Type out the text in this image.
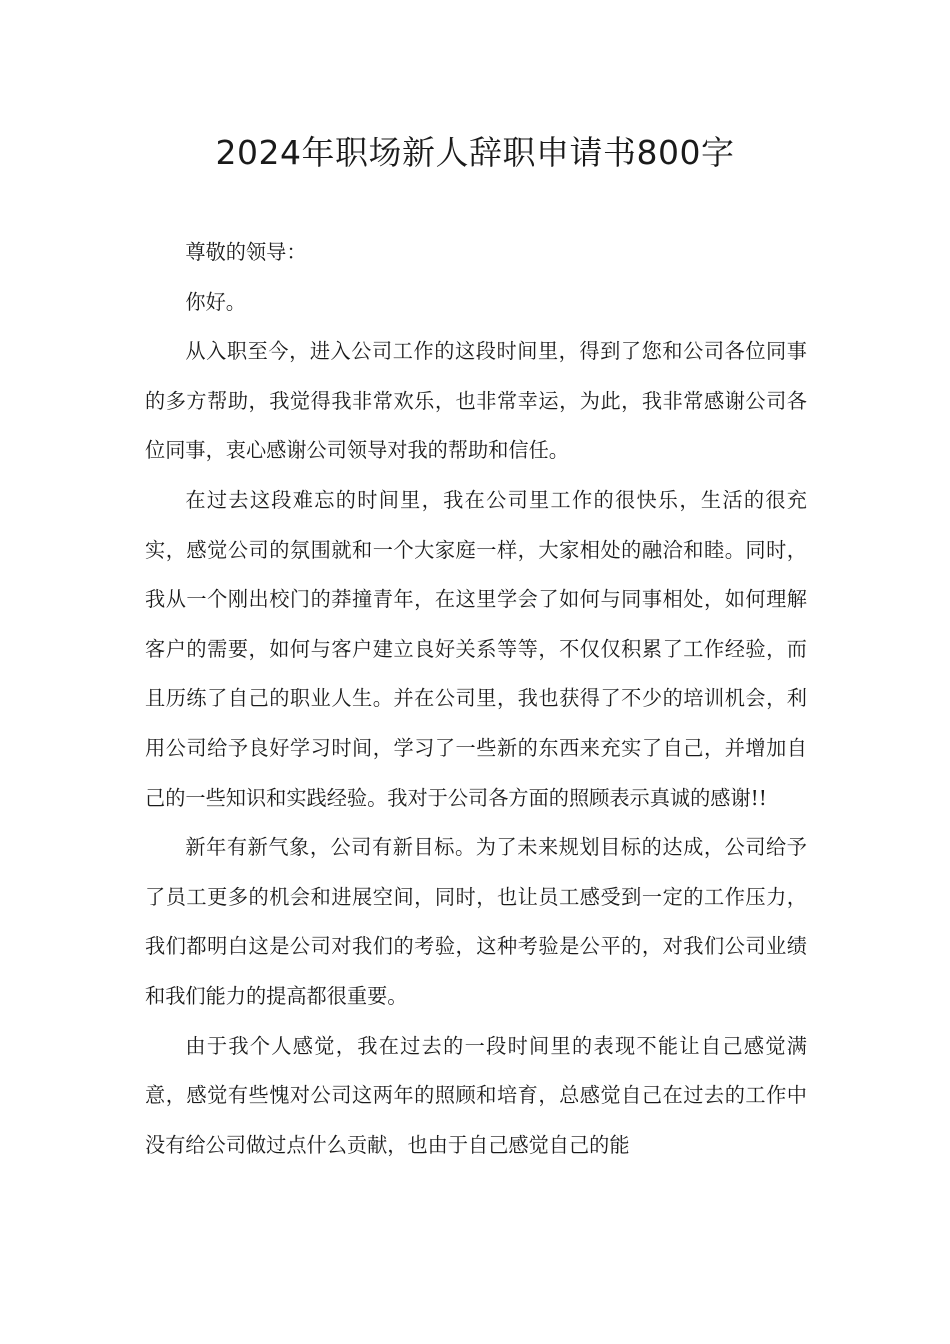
2024年职场新人辞职申请书800字

尊敬的领导：

你好。

从入职至今，进入公司工作的这段时间里，得到了您和公司各位同事的多方帮助，我觉得我非常欢乐，也非常幸运，为此，我非常感谢公司各位同事，衷心感谢公司领导对我的帮助和信任。

在过去这段难忘的时间里，我在公司里工作的很快乐，生活的很充实，感觉公司的氛围就和一个大家庭一样，大家相处的融洽和睦。同时，我从一个刚出校门的莽撞青年，在这里学会了如何与同事相处，如何理解客户的需要，如何与客户建立良好关系等等，不仅仅积累了工作经验，而且历练了自己的职业人生。并在公司里，我也获得了不少的培训机会，利用公司给予良好学习时间，学习了一些新的东西来充实了自己，并增加自己的一些知识和实践经验。我对于公司各方面的照顾表示真诚的感谢!!

新年有新气象，公司有新目标。为了未来规划目标的达成，公司给予了员工更多的机会和进展空间，同时，也让员工感受到一定的工作压力，我们都明白这是公司对我们的考验，这种考验是公平的，对我们公司业绩和我们能力的提高都很重要。

由于我个人感觉，我在过去的一段时间里的表现不能让自己感觉满意，感觉有些愧对公司这两年的照顾和培育，总感觉自己在过去的工作中没有给公司做过点什么贡献，也由于自己感觉自己的能
